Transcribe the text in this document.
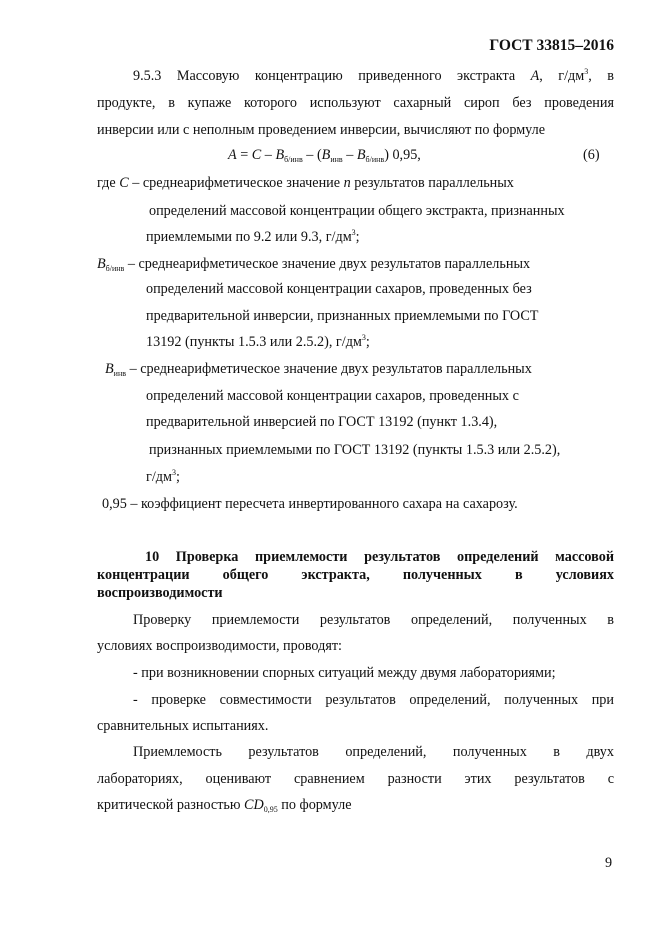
ГОСТ 33815–2016
9.5.3 Массовую концентрацию приведенного экстракта А, $г/дм^3$, в
продукте, в купаже которого используют сахарный сироп без проведения
инверсии или с неполным проведением инверсии, вычисляют по формуле
$А = С - В_{б/инв} - (В_{инв} - В_{б/инв})$ 0,95,	(6)
где С – среднеарифметическое значение n результатов параллельных
определений массовой концентрации общего экстракта, признанных
приемлемыми по 9.2 или 9.3, $г/дм^3$;
$В_{б/инв}$ – среднеарифметическое значение двух результатов параллельных
определений массовой концентрации сахаров, проведенных без
предварительной инверсии, признанных приемлемыми по ГОСТ
13192 (пункты 1.5.3 или 2.5.2), $г/дм^3$;
$В_{инв}$ – среднеарифметическое значение двух результатов параллельных
определений массовой концентрации сахаров, проведенных с
предварительной инверсией по ГОСТ 13192 (пункт 1.3.4),
признанных приемлемыми по ГОСТ 13192 (пункты 1.5.3 или 2.5.2),
$г/дм^3$;
0,95 – коэффициент пересчета инвертированного сахара на сахарозу.
10 Проверка приемлемости результатов определений массовой
концентрации общего экстракта, полученных в условиях
воспроизводимости
Проверку приемлемости результатов определений, полученных в
условиях воспроизводимости, проводят:
- при возникновении спорных ситуаций между двумя лабораториями;
- проверке совместимости результатов определений, полученных при
сравнительных испытаниях.
Приемлемость результатов определений, полученных в двух
лабораториях, оценивают сравнением разности этих результатов с
критической разностью $CD_{0,95}$ по формуле
9
